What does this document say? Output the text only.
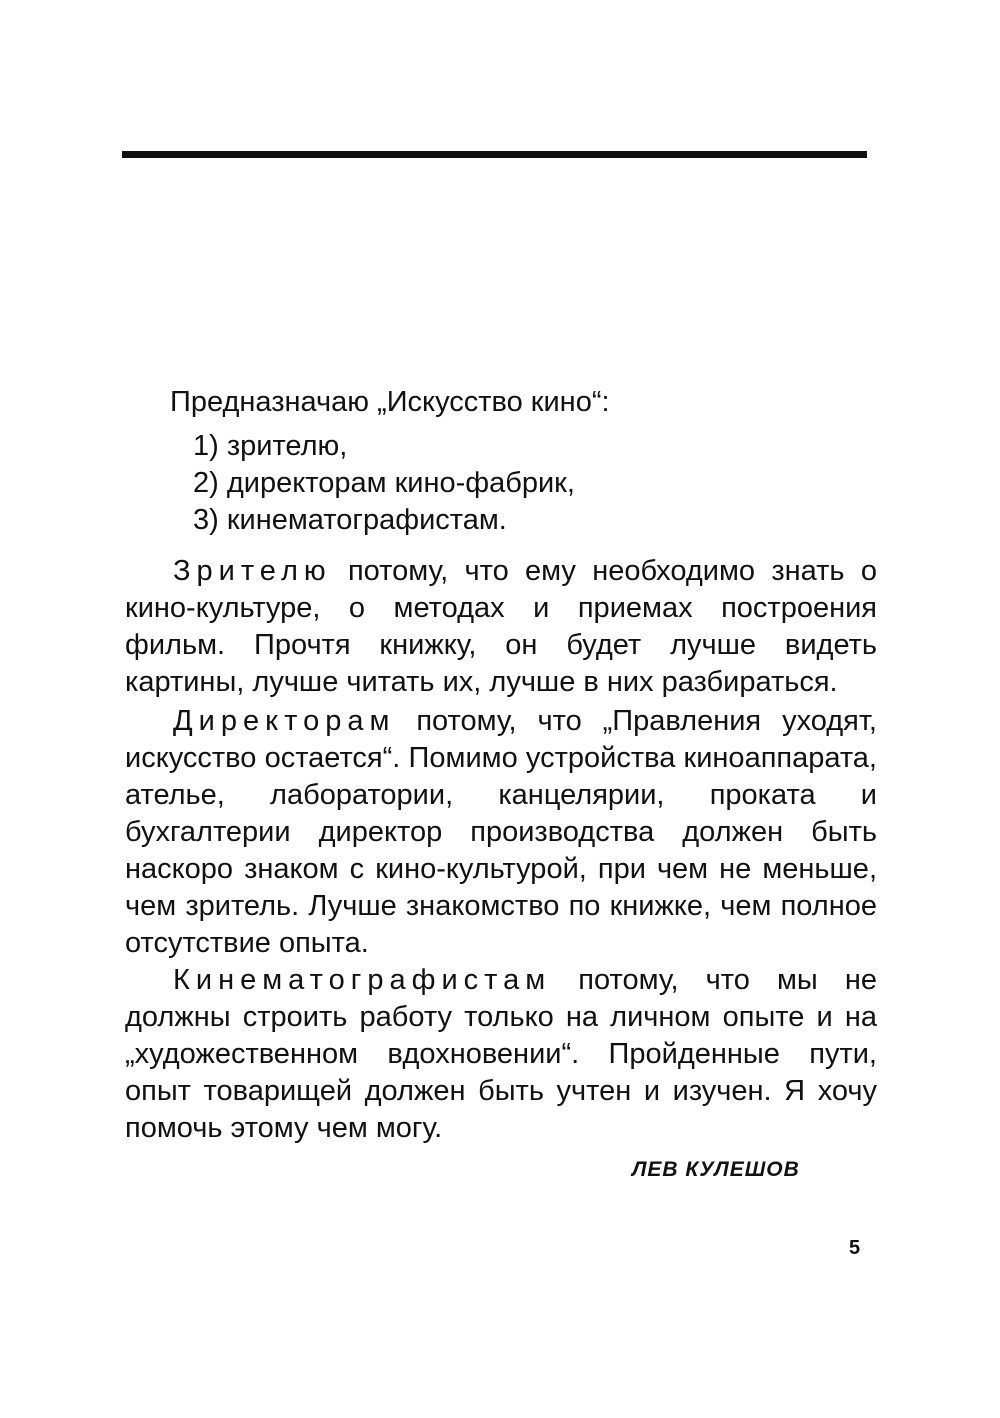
Предназначаю „Искусство кино“:
1) зрителю,
2) директорам кино-фабрик,
3) кинематографистам.

Зрителю потому, что ему необходимо знать о кино-культуре, о методах и приемах построения фильм. Прочтя книжку, он будет лучше видеть картины, лучше читать их, лучше в них разбираться.

Директорам потому, что „Правления уходят, искусство остается“. Помимо устройства киноаппарата, ателье, лаборатории, канцелярии, проката и бухгалтерии директор производства должен быть наскоро знаком с кино-культурой, при чем не меньше, чем зритель. Лучше знакомство по книжке, чем полное отсутствие опыта.

Кинематографистам потому, что мы не должны строить работу только на личном опыте и на „художественном вдохновении“. Пройденные пути, опыт товарищей должен быть учтен и изучен. Я хочу помочь этому чем могу.

ЛЕВ КУЛЕШОВ
5
